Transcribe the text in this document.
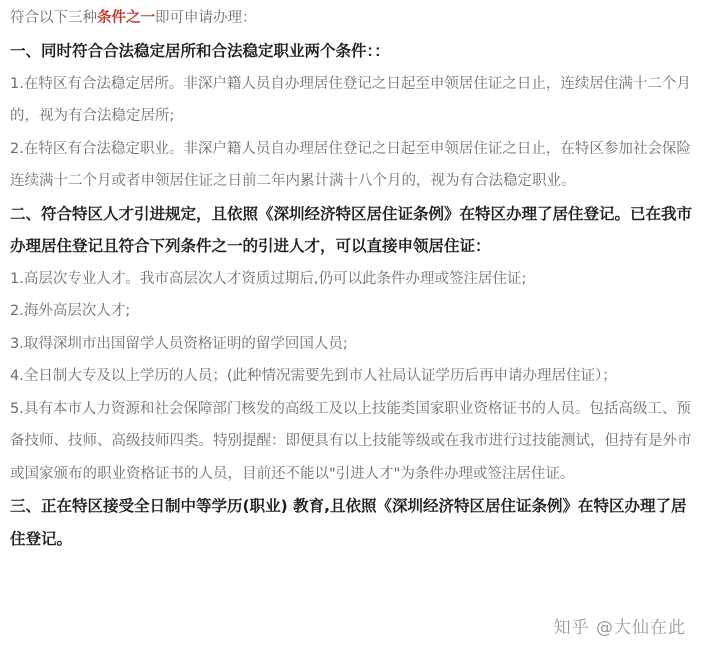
符合以下三种条件之一即可申请办理：

一、同时符合合法稳定居所和合法稳定职业两个条件：：

1.在特区有合法稳定居所。非深户籍人员自办理居住登记之日起至申领居住证之日止，连续居住满十二个月的，视为有合法稳定居所;

2.在特区有合法稳定职业。非深户籍人员自办理居住登记之日起至申领居住证之日止，在特区参加社会保险连续满十二个月或者申领居住证之日前二年内累计满十八个月的，视为有合法稳定职业。

二、符合特区人才引进规定，且依照《深圳经济特区居住证条例》在特区办理了居住登记。已在我市办理居住登记且符合下列条件之一的引进人才，可以直接申领居住证：

1.高层次专业人才。我市高层次人才资质过期后,仍可以此条件办理或签注居住证;

2.海外高层次人才;

3.取得深圳市出国留学人员资格证明的留学回国人员;

4.全日制大专及以上学历的人员；(此种情况需要先到市人社局认证学历后再申请办理居住证）；

5.具有本市人力资源和社会保障部门核发的高级工及以上技能类国家职业资格证书的人员。包括高级工、预备技师、技师、高级技师四类。特别提醒：即便具有以上技能等级或在我市进行过技能测试，但持有是外市或国家颁布的职业资格证书的人员，目前还不能以"引进人才"为条件办理或签注居住证。

三、正在特区接受全日制中等学历(职业) 教育,且依照《深圳经济特区居住证条例》在特区办理了居住登记。

知乎 @大仙在此
